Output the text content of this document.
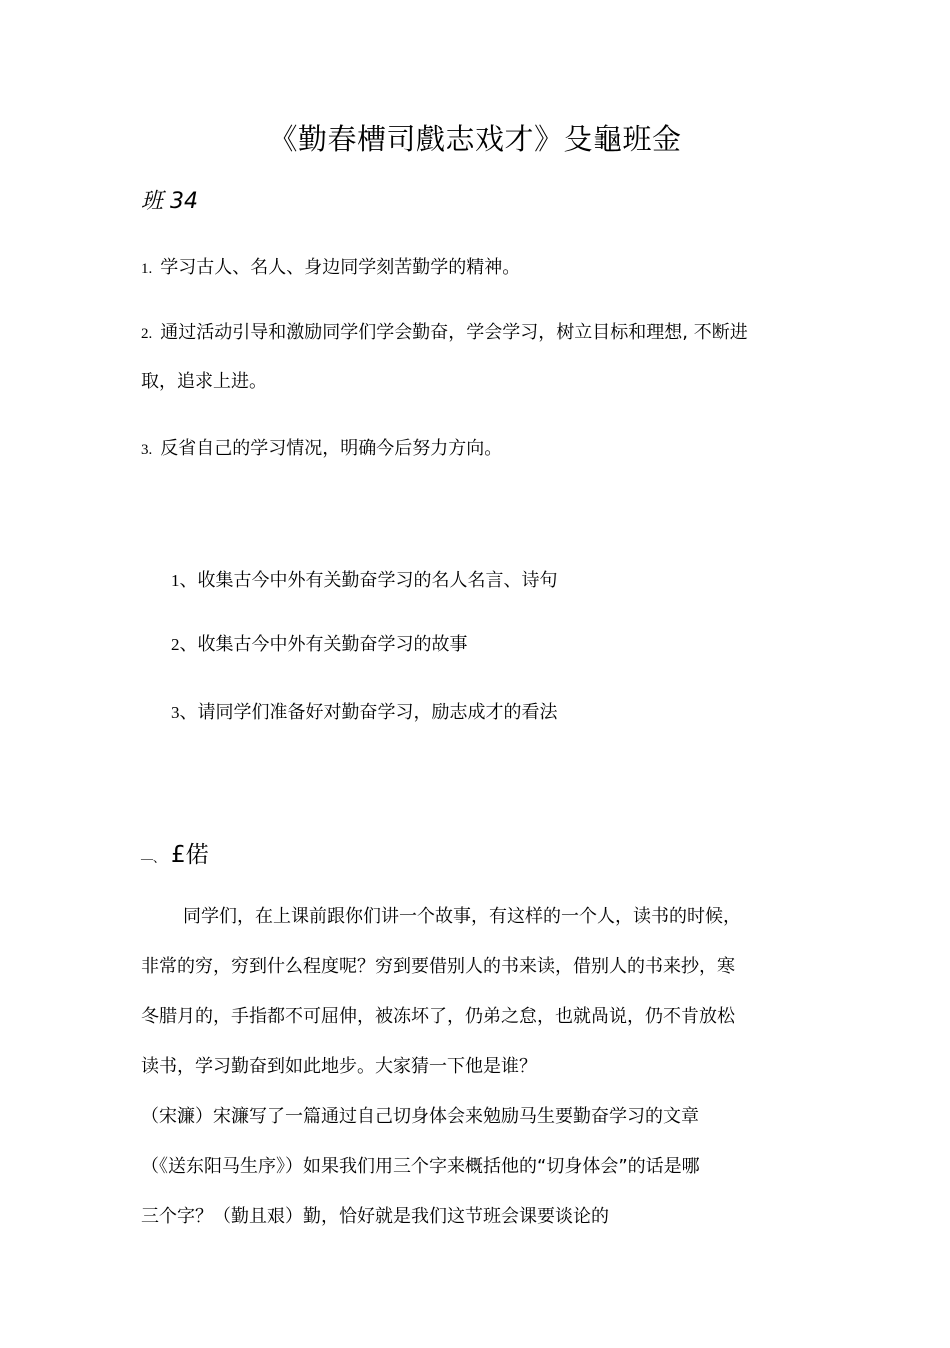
《勤春槽司戲志戏才》殳龜班金
班 34
1. 学习古人、名人、身边同学刻苦勤学的精神。
2. 通过活动引导和激励同学们学会勤奋，学会学习，树立目标和理想, 不断进
取，追求上进。
3. 反省自己的学习情况，明确今后努力方向。
1、收集古今中外有关勤奋学习的名人名言、诗句
2、收集古今中外有关勤奋学习的故事
3、请同学们准备好对勤奋学习，励志成才的看法
—、 £偌
同学们，在上课前跟你们讲一个故事，有这样的一个人，读书的时候，
非常的穷，穷到什么程度呢？穷到要借别人的书来读，借别人的书来抄，寒
冬腊月的，手指都不可屈伸，被冻坏了，仍弟之怠，也就咼说，仍不肯放松
读书，学习勤奋到如此地步。大家猜一下他是谁？
（宋濂）宋濂写了一篇通过自己切身体会来勉励马生要勤奋学习的文章
（《送东阳马生序》）如果我们用三个字来概括他的“切身体会”的话是哪
三个字？（勤且艰）勤，恰好就是我们这节班会课要谈论的
